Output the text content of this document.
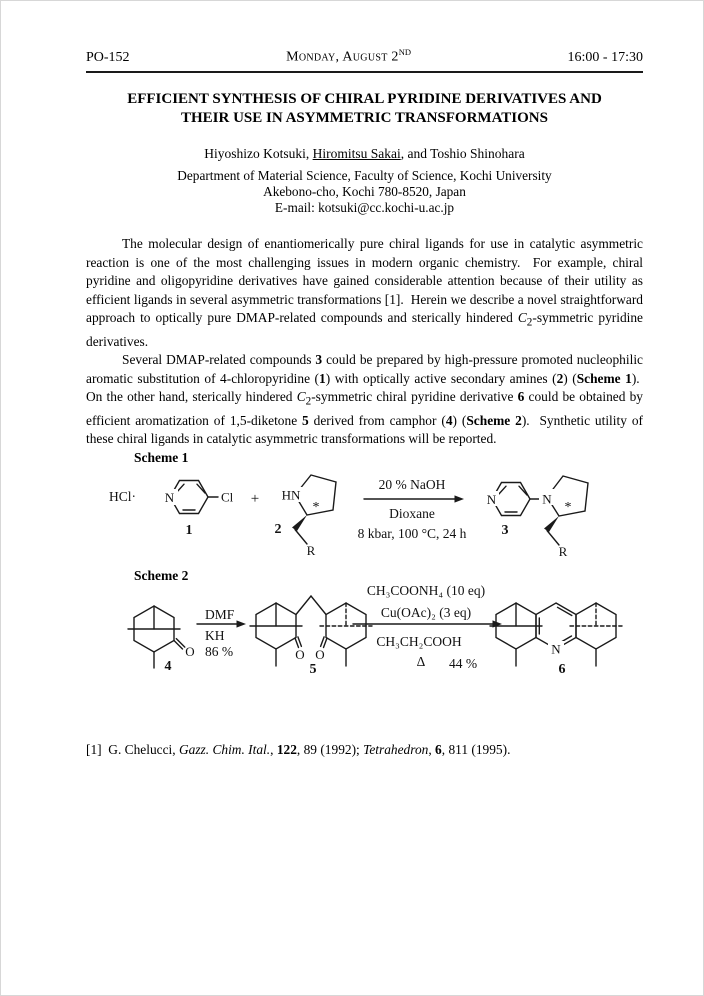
PO-152	Monday, August 2ND	16:00 - 17:30
EFFICIENT SYNTHESIS OF CHIRAL PYRIDINE DERIVATIVES AND
THEIR USE IN ASYMMETRIC TRANSFORMATIONS
Hiyoshizo Kotsuki, Hiromitsu Sakai, and Toshio Shinohara
Department of Material Science, Faculty of Science, Kochi University
Akebono-cho, Kochi 780-8520, Japan
E-mail: kotsuki@cc.kochi-u.ac.jp

The molecular design of enantiomerically pure chiral ligands for use in catalytic asymmetric reaction is one of the most challenging issues in modern organic chemistry.  For example, chiral pyridine and oligopyridine derivatives have gained considerable attention because of their utility as efficient ligands in several asymmetric transformations [1].  Herein we describe a novel straightforward approach to optically pure DMAP-related compounds and sterically hindered $C_2$-symmetric pyridine derivatives.

Several DMAP-related compounds 3 could be prepared by high-pressure promoted nucleophilic aromatic substitution of 4-chloropyridine (1) with optically active secondary amines (2) (Scheme 1).  On the other hand, sterically hindered $C_2$-symmetric chiral pyridine derivative 6 could be obtained by efficient aromatization of 1,5-diketone 5 derived from camphor (4) (Scheme 2).  Synthetic utility of these chiral ligands in catalytic asymmetric transformations will be reported.

Scheme 1
HCl· N	Cl
1
+ HN
*
R
2
20 % NaOH
Dioxane
8 kbar, 100 °C, 24 h
N	N
*
R
3
Scheme 2
O
4
DMF
KH
86 %	O O
5
CH₃COONH₄ (10 eq)
Cu(OAc)₂ (3 eq)
CH₃CH₂COOH
Δ 44 %
N
6
[1]  G. Chelucci, Gazz. Chim. Ital., 122, 89 (1992); Tetrahedron, 6, 811 (1995).
